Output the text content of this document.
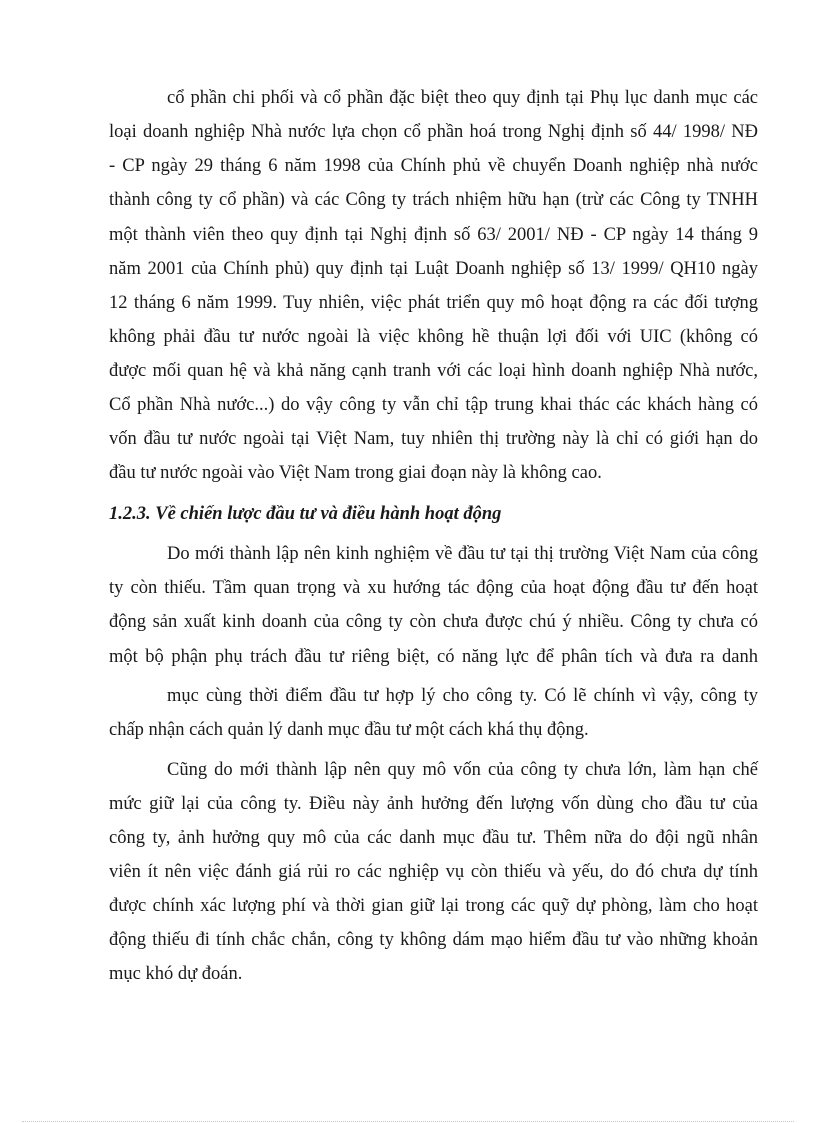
cổ phần chi phối và cổ phần đặc biệt theo quy định tại Phụ lục danh mục các

loại doanh nghiệp Nhà nước lựa chọn cổ phần hoá trong Nghị định số 44/ 1998/ NĐ

- CP ngày 29 tháng 6 năm 1998 của Chính phủ về chuyển Doanh nghiệp nhà nước

thành công ty cổ phần) và các Công ty trách nhiệm hữu hạn (trừ các Công ty TNHH

một thành viên theo quy định tại Nghị định số 63/ 2001/ NĐ - CP ngày 14 tháng 9

năm 2001 của Chính phủ) quy định tại Luật Doanh nghiệp số 13/ 1999/ QH10 ngày

12 tháng 6 năm 1999. Tuy nhiên, việc phát triển quy mô hoạt động ra các đối tượng

không phải đầu tư nước ngoài là việc không hề thuận lợi đối với UIC (không có

được mối quan hệ và khả năng cạnh tranh với các loại hình doanh nghiệp Nhà nước,

Cổ phần Nhà nước...) do vậy công ty vẫn chỉ tập trung khai thác các khách hàng có

vốn đầu tư nước ngoài tại Việt Nam, tuy nhiên thị trường này là chỉ có giới hạn do

đầu tư nước ngoài vào Việt Nam trong giai đoạn này là không cao.

1.2.3. Về chiến lược đầu tư và điều hành hoạt động

Do mới thành lập nên kinh nghiệm về đầu tư tại thị trường Việt Nam của công

ty còn thiếu. Tầm quan trọng và xu hướng tác động của hoạt động đầu tư đến hoạt

động sản xuất kinh doanh của công ty còn chưa được chú ý nhiều. Công ty chưa có

một bộ phận phụ trách đầu tư riêng biệt, có năng lực để phân tích và đưa ra danh

mục cùng thời điểm đầu tư hợp lý cho công ty. Có lẽ chính vì vậy, công ty

chấp nhận cách quản lý danh mục đầu tư một cách khá thụ động.

Cũng do mới thành lập nên quy mô vốn của công ty chưa lớn, làm hạn chế

mức giữ lại của công ty. Điều này ảnh hưởng đến lượng vốn dùng cho đầu tư của

công ty, ảnh hưởng quy mô của các danh mục đầu tư. Thêm nữa do đội ngũ nhân

viên ít nên việc đánh giá rủi ro các nghiệp vụ còn thiếu và yếu, do đó chưa dự tính

được chính xác lượng phí và thời gian giữ lại trong các quỹ dự phòng, làm cho hoạt

động thiếu đi tính chắc chắn, công ty không dám mạo hiểm đầu tư vào những khoản

mục khó dự đoán.
